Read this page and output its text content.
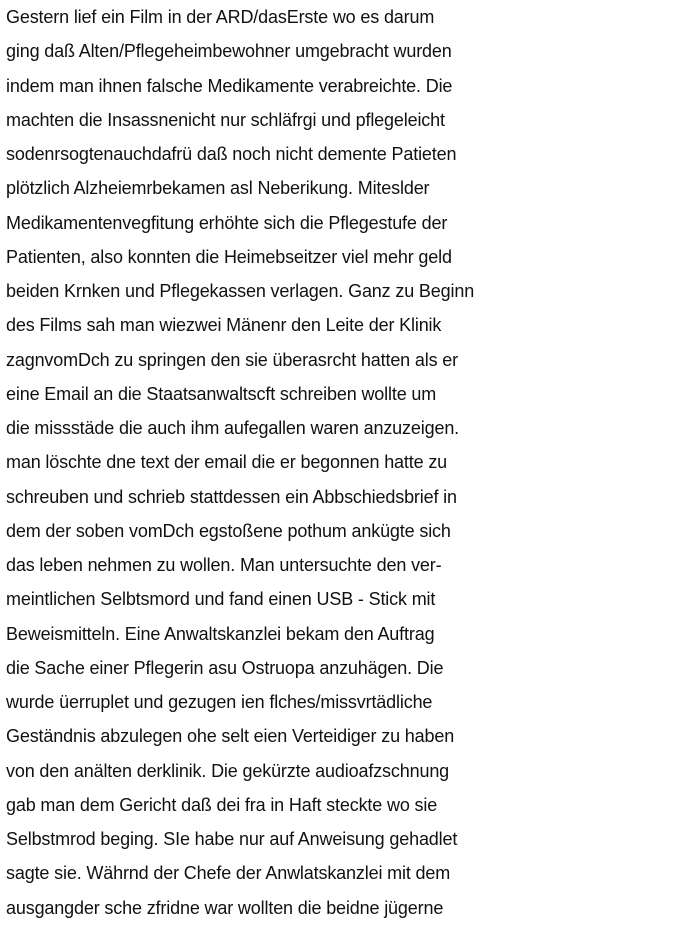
Gestern lief ein Film in der ARD/dasErste wo es darum
ging daß Alten/Pflegeheimbewohner umgebracht wurden
indem man ihnen falsche Medikamente verabreichte. Die
machten die Insassnenicht nur schläfrgi und pflegeleicht
sodenrsogtenauchdafrü daß noch nicht demente Patieten
plötzlich Alzheiemrbekamen asl Neberikung. Miteslder
Medikamentenvegfitung erhöhte sich die Pflegestufe der
Patienten, also konnten die Heimebseitzer viel mehr geld
beiden Krnken und Pflegekassen verlagen. Ganz zu Beginn
des Films sah man wiezwei Mänenr den Leite der Klinik
zagnvomDch zu springen den sie überasrcht hatten als er
eine Email an die Staatsanwaltscft schreiben wollte um
die missstäde die auch ihm aufegallen waren anzuzeigen.
man löschte dne text der email die er begonnen hatte zu
schreuben und schrieb stattdessen ein Abbschiedsbrief in
dem der soben vomDch egstoßene pothum ankügte sich
das leben nehmen zu wollen. Man untersuchte den ver-
meintlichen Selbtsmord und fand einen USB - Stick mit
Beweismitteln. Eine Anwaltskanzlei bekam den Auftrag
die Sache einer Pflegerin asu Ostruopa anzuhägen. Die
wurde üerruplet und gezugen ien flches/missvrtädliche
Geständnis abzulegen ohe selt eien Verteidiger zu haben
von den anälten derklinik. Die gekürzte audioafzschnung
gab man dem Gericht daß dei fra in Haft steckte wo sie
Selbstmrod beging. SIe habe nur auf Anweisung gehadlet
sagte sie. Währnd der Chefe der Anwlatskanzlei mit dem
ausgangder sche zfridne war wollten die beidne jügerne
